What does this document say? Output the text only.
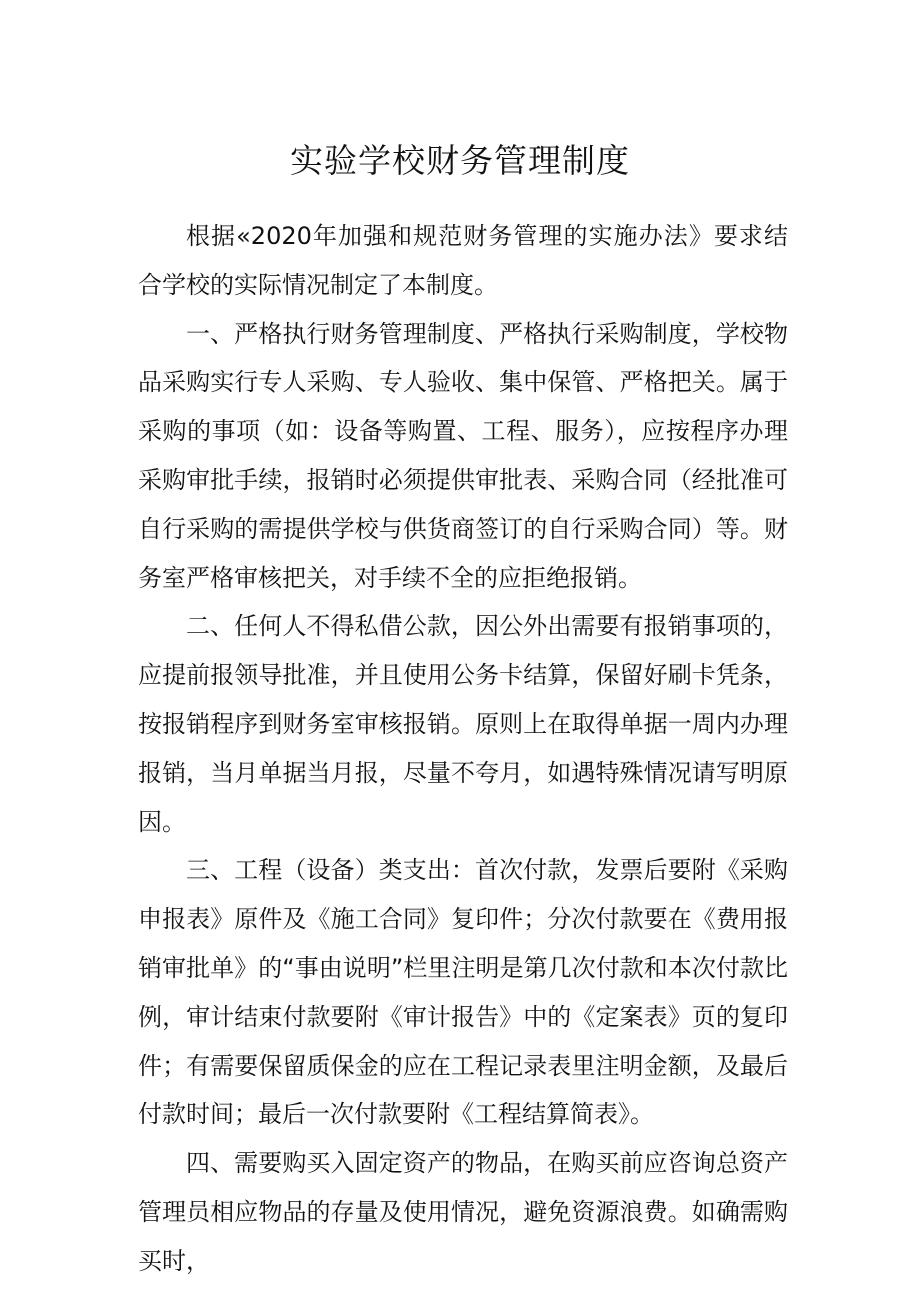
实验学校财务管理制度

根据«2020年加强和规范财务管理的实施办法》要求结合学校的实际情况制定了本制度。

一、严格执行财务管理制度、严格执行采购制度，学校物品采购实行专人采购、专人验收、集中保管、严格把关。属于采购的事项（如：设备等购置、工程、服务），应按程序办理采购审批手续，报销时必须提供审批表、采购合同（经批准可自行采购的需提供学校与供货商签订的自行采购合同）等。财务室严格审核把关，对手续不全的应拒绝报销。

二、任何人不得私借公款，因公外出需要有报销事项的，应提前报领导批准，并且使用公务卡结算，保留好刷卡凭条，按报销程序到财务室审核报销。原则上在取得单据一周内办理报销，当月单据当月报，尽量不夸月，如遇特殊情况请写明原因。

三、工程（设备）类支出：首次付款，发票后要附《采购申报表》原件及《施工合同》复印件；分次付款要在《费用报销审批单》的“事由说明”栏里注明是第几次付款和本次付款比例，审计结束付款要附《审计报告》中的《定案表》页的复印件；有需要保留质保金的应在工程记录表里注明金额，及最后付款时间；最后一次付款要附《工程结算简表》。

四、需要购买入固定资产的物品，在购买前应咨询总资产管理员相应物品的存量及使用情况，避免资源浪费。如确需购买时，
